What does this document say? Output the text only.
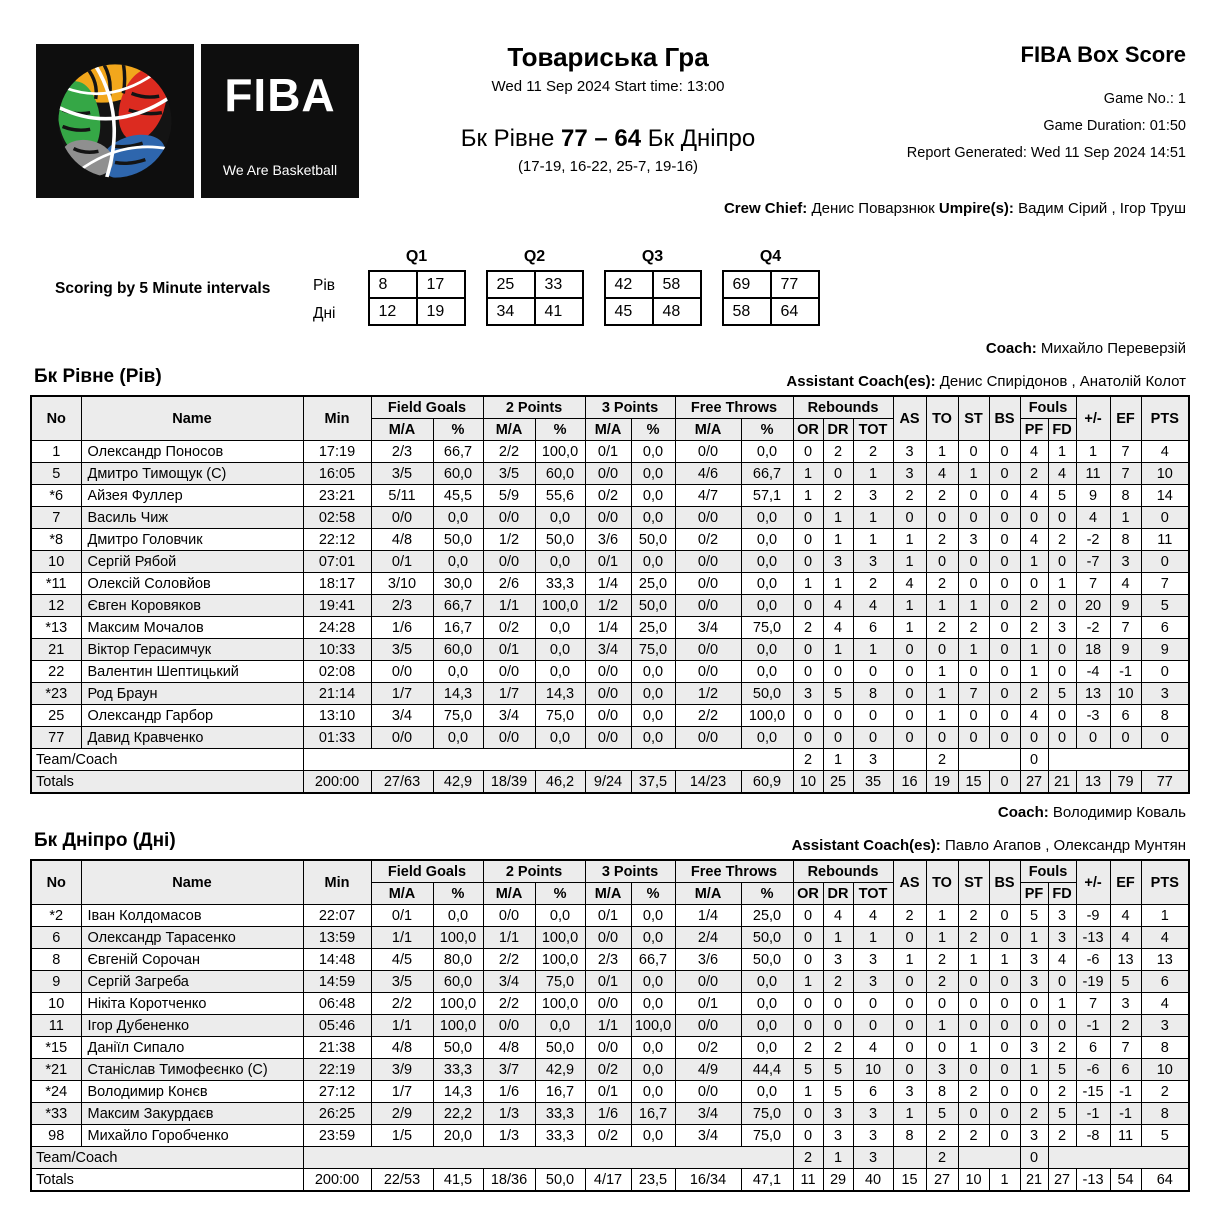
FIBA
We Are Basketball
Товариська Гра
Wed 11 Sep 2024 Start time: 13:00
Бк Рівне 77 – 64 Бк Дніпро
(17-19, 16-22, 25-7, 19-16)
FIBA Box Score
Game No.: 1
Game Duration: 01:50
Report Generated: Wed 11 Sep 2024 14:51
Crew Chief: Денис Поварзнюк Umpire(s): Вадим Сірий , Ігор Труш
Scoring by 5 Minute intervals	Рів
Дні
Q1
8	17
12	19
Q2
25	33
34	41
Q3
42	58
45	48
Q4
69	77
58	64
Coach: Михайло Переверзій
Бк Рівне (Рів)	Assistant Coach(es): Денис Спирідонов , Анатолій Колот
No	Name	Min	Field Goals		2 Points		3 Points		Free Throws		Rebounds			AS	TO	ST	BS	Fouls		+/-	EF	PTS
			M/A	%	M/A	%	M/A	%	M/A	%	OR	DR	TOT					PF	FD			
1	Олександр Поносов	17:19	2/3	66,7	2/2	100,0	0/1	0,0	0/0	0,0	0	2	2	3	1	0	0	4	1	1	7	4
5	Дмитро Тимощук (C)	16:05	3/5	60,0	3/5	60,0	0/0	0,0	4/6	66,7	1	0	1	3	4	1	0	2	4	11	7	10
*6	Айзея Фуллер	23:21	5/11	45,5	5/9	55,6	0/2	0,0	4/7	57,1	1	2	3	2	2	0	0	4	5	9	8	14
7	Василь Чиж	02:58	0/0	0,0	0/0	0,0	0/0	0,0	0/0	0,0	0	1	1	0	0	0	0	0	0	4	1	0
*8	Дмитро Головчик	22:12	4/8	50,0	1/2	50,0	3/6	50,0	0/2	0,0	0	1	1	1	2	3	0	4	2	-2	8	11
10	Сергій Рябой	07:01	0/1	0,0	0/0	0,0	0/1	0,0	0/0	0,0	0	3	3	1	0	0	0	1	0	-7	3	0
*11	Олексій Соловйов	18:17	3/10	30,0	2/6	33,3	1/4	25,0	0/0	0,0	1	1	2	4	2	0	0	0	1	7	4	7
12	Євген Коровяков	19:41	2/3	66,7	1/1	100,0	1/2	50,0	0/0	0,0	0	4	4	1	1	1	0	2	0	20	9	5
*13	Максим Мочалов	24:28	1/6	16,7	0/2	0,0	1/4	25,0	3/4	75,0	2	4	6	1	2	2	0	2	3	-2	7	6
21	Віктор Герасимчук	10:33	3/5	60,0	0/1	0,0	3/4	75,0	0/0	0,0	0	1	1	0	0	1	0	1	0	18	9	9
22	Валентин Шептицький	02:08	0/0	0,0	0/0	0,0	0/0	0,0	0/0	0,0	0	0	0	0	1	0	0	1	0	-4	-1	0
*23	Род Браун	21:14	1/7	14,3	1/7	14,3	0/0	0,0	1/2	50,0	3	5	8	0	1	7	0	2	5	13	10	3
25	Олександр Гарбор	13:10	3/4	75,0	3/4	75,0	0/0	0,0	2/2	100,0	0	0	0	0	1	0	0	4	0	-3	6	8
77	Давид Кравченко	01:33	0/0	0,0	0/0	0,0	0/0	0,0	0/0	0,0	0	0	0	0	0	0	0	0	0	0	0	0
Team/Coach											2	1	3		2			0				
Totals		200:00	27/63	42,9	18/39	46,2	9/24	37,5	14/23	60,9	10	25	35	16	19	15	0	27	21	13	79	77
Coach: Володимир Коваль
Бк Дніпро (Дні)	Assistant Coach(es): Павло Агапов , Олександр Мунтян
No	Name	Min	Field Goals		2 Points		3 Points		Free Throws		Rebounds			AS	TO	ST	BS	Fouls		+/-	EF	PTS
			M/A	%	M/A	%	M/A	%	M/A	%	OR	DR	TOT					PF	FD			
*2	Іван Колдомасов	22:07	0/1	0,0	0/0	0,0	0/1	0,0	1/4	25,0	0	4	4	2	1	2	0	5	3	-9	4	1
6	Олександр Тарасенко	13:59	1/1	100,0	1/1	100,0	0/0	0,0	2/4	50,0	0	1	1	0	1	2	0	1	3	-13	4	4
8	Євгеній Сорочан	14:48	4/5	80,0	2/2	100,0	2/3	66,7	3/6	50,0	0	3	3	1	2	1	1	3	4	-6	13	13
9	Сергій Загреба	14:59	3/5	60,0	3/4	75,0	0/1	0,0	0/0	0,0	1	2	3	0	2	0	0	3	0	-19	5	6
10	Нікіта Коротченко	06:48	2/2	100,0	2/2	100,0	0/0	0,0	0/1	0,0	0	0	0	0	0	0	0	0	1	7	3	4
11	Ігор Дубененко	05:46	1/1	100,0	0/0	0,0	1/1	100,0	0/0	0,0	0	0	0	0	1	0	0	0	0	-1	2	3
*15	Даніїл Сипало	21:38	4/8	50,0	4/8	50,0	0/0	0,0	0/2	0,0	2	2	4	0	0	1	0	3	2	6	7	8
*21	Станіслав Тимофеєнко (C)	22:19	3/9	33,3	3/7	42,9	0/2	0,0	4/9	44,4	5	5	10	0	3	0	0	1	5	-6	6	10
*24	Володимир Конєв	27:12	1/7	14,3	1/6	16,7	0/1	0,0	0/0	0,0	1	5	6	3	8	2	0	0	2	-15	-1	2
*33	Максим Закурдаєв	26:25	2/9	22,2	1/3	33,3	1/6	16,7	3/4	75,0	0	3	3	1	5	0	0	2	5	-1	-1	8
98	Михайло Горобченко	23:59	1/5	20,0	1/3	33,3	0/2	0,0	3/4	75,0	0	3	3	8	2	2	0	3	2	-8	11	5
Team/Coach											2	1	3		2			0				
Totals		200:00	22/53	41,5	18/36	50,0	4/17	23,5	16/34	47,1	11	29	40	15	27	10	1	21	27	-13	54	64
